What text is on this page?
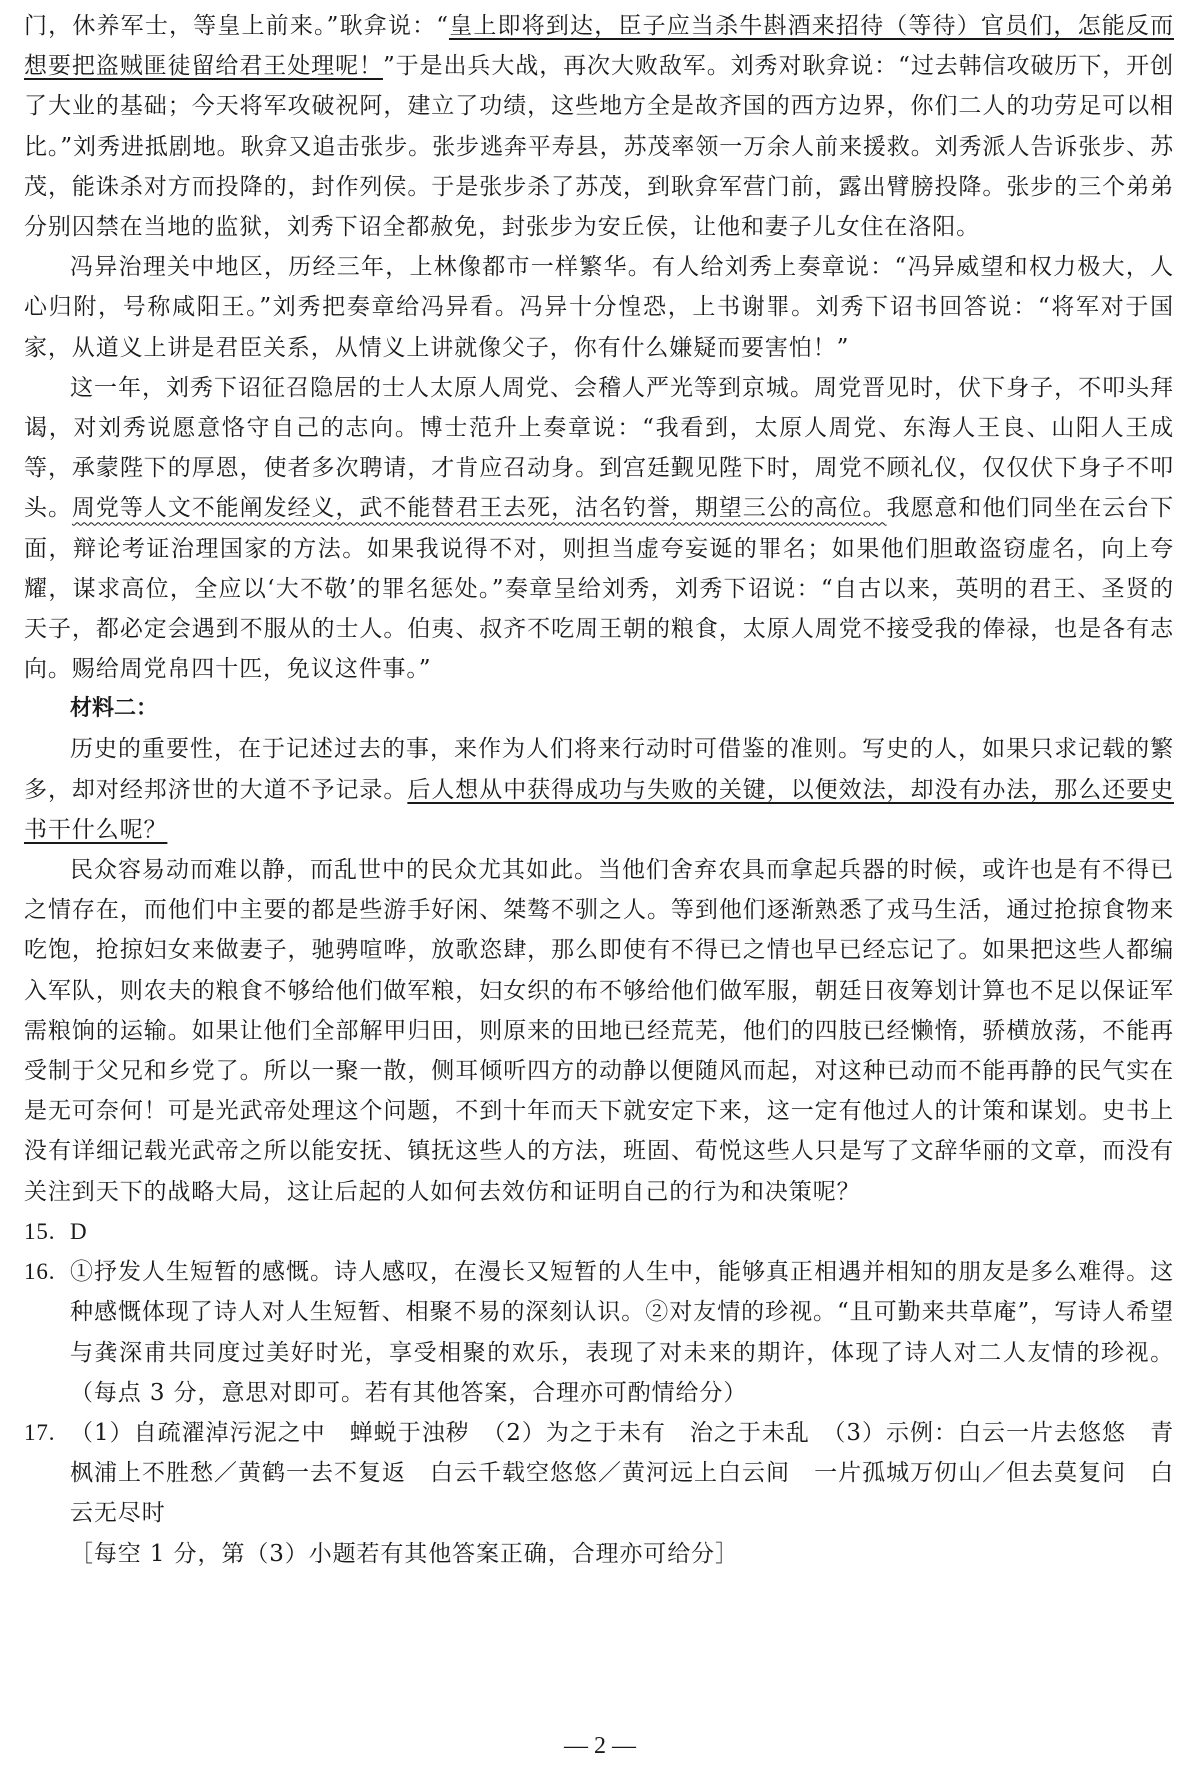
门，休养军士，等皇上前来。”耿弇说：“皇上即将到达，臣子应当杀牛斟酒来招待（等待）官员们，怎能反而想要把盗贼匪徒留给君王处理呢！”于是出兵大战，再次大败敌军。刘秀对耿弇说：“过去韩信攻破历下，开创了大业的基础；今天将军攻破祝阿，建立了功绩，这些地方全是故齐国的西方边界，你们二人的功劳足可以相比。”刘秀进抵剧地。耿弇又追击张步。张步逃奔平寿县，苏茂率领一万余人前来援救。刘秀派人告诉张步、苏茂，能诛杀对方而投降的，封作列侯。于是张步杀了苏茂，到耿弇军营门前，露出臂膀投降。张步的三个弟弟分别囚禁在当地的监狱，刘秀下诏全都赦免，封张步为安丘侯，让他和妻子儿女住在洛阳。

冯异治理关中地区，历经三年，上林像都市一样繁华。有人给刘秀上奏章说：“冯异威望和权力极大，人心归附，号称咸阳王。”刘秀把奏章给冯异看。冯异十分惶恐，上书谢罪。刘秀下诏书回答说：“将军对于国家，从道义上讲是君臣关系，从情义上讲就像父子，你有什么嫌疑而要害怕！”

这一年，刘秀下诏征召隐居的士人太原人周党、会稽人严光等到京城。周党晋见时，伏下身子，不叩头拜谒，对刘秀说愿意恪守自己的志向。博士范升上奏章说：“我看到，太原人周党、东海人王良、山阳人王成等，承蒙陛下的厚恩，使者多次聘请，才肯应召动身。到宫廷觐见陛下时，周党不顾礼仪，仅仅伏下身子不叩头。周党等人文不能阐发经义，武不能替君王去死，沽名钓誉，期望三公的高位。我愿意和他们同坐在云台下面，辩论考证治理国家的方法。如果我说得不对，则担当虚夸妄诞的罪名；如果他们胆敢盗窃虚名，向上夸耀，谋求高位，全应以‘大不敬’的罪名惩处。”奏章呈给刘秀，刘秀下诏说：“自古以来，英明的君王、圣贤的天子，都必定会遇到不服从的士人。伯夷、叔齐不吃周王朝的粮食，太原人周党不接受我的俸禄，也是各有志向。赐给周党帛四十匹，免议这件事。”

材料二：

历史的重要性，在于记述过去的事，来作为人们将来行动时可借鉴的准则。写史的人，如果只求记载的繁多，却对经邦济世的大道不予记录。后人想从中获得成功与失败的关键，以便效法，却没有办法，那么还要史书干什么呢？

民众容易动而难以静，而乱世中的民众尤其如此。当他们舍弃农具而拿起兵器的时候，或许也是有不得已之情存在，而他们中主要的都是些游手好闲、桀骜不驯之人。等到他们逐渐熟悉了戎马生活，通过抢掠食物来吃饱，抢掠妇女来做妻子，驰骋喧哗，放歌恣肆，那么即使有不得已之情也早已经忘记了。如果把这些人都编入军队，则农夫的粮食不够给他们做军粮，妇女织的布不够给他们做军服，朝廷日夜筹划计算也不足以保证军需粮饷的运输。如果让他们全部解甲归田，则原来的田地已经荒芜，他们的四肢已经懒惰，骄横放荡，不能再受制于父兄和乡党了。所以一聚一散，侧耳倾听四方的动静以便随风而起，对这种已动而不能再静的民气实在是无可奈何！可是光武帝处理这个问题，不到十年而天下就安定下来，这一定有他过人的计策和谋划。史书上没有详细记载光武帝之所以能安抚、镇抚这些人的方法，班固、荀悦这些人只是写了文辞华丽的文章，而没有关注到天下的战略大局，这让后起的人如何去效仿和证明自己的行为和决策呢？

15. D

16. ①抒发人生短暂的感慨。诗人感叹，在漫长又短暂的人生中，能够真正相遇并相知的朋友是多么难得。这种感慨体现了诗人对人生短暂、相聚不易的深刻认识。②对友情的珍视。“且可勤来共草庵”，写诗人希望与龚深甫共同度过美好时光，享受相聚的欢乐，表现了对未来的期许，体现了诗人对二人友情的珍视。（每点 3 分，意思对即可。若有其他答案，合理亦可酌情给分）

17. （1）自疏濯淖污泥之中　蝉蜕于浊秽　（2）为之于未有　治之于未乱　（3）示例：白云一片去悠悠　青枫浦上不胜愁／黄鹤一去不复返　白云千载空悠悠／黄河远上白云间　一片孤城万仞山／但去莫复问　白云无尽时

［每空 1 分，第（3）小题若有其他答案正确，合理亦可给分］

— 2 —
